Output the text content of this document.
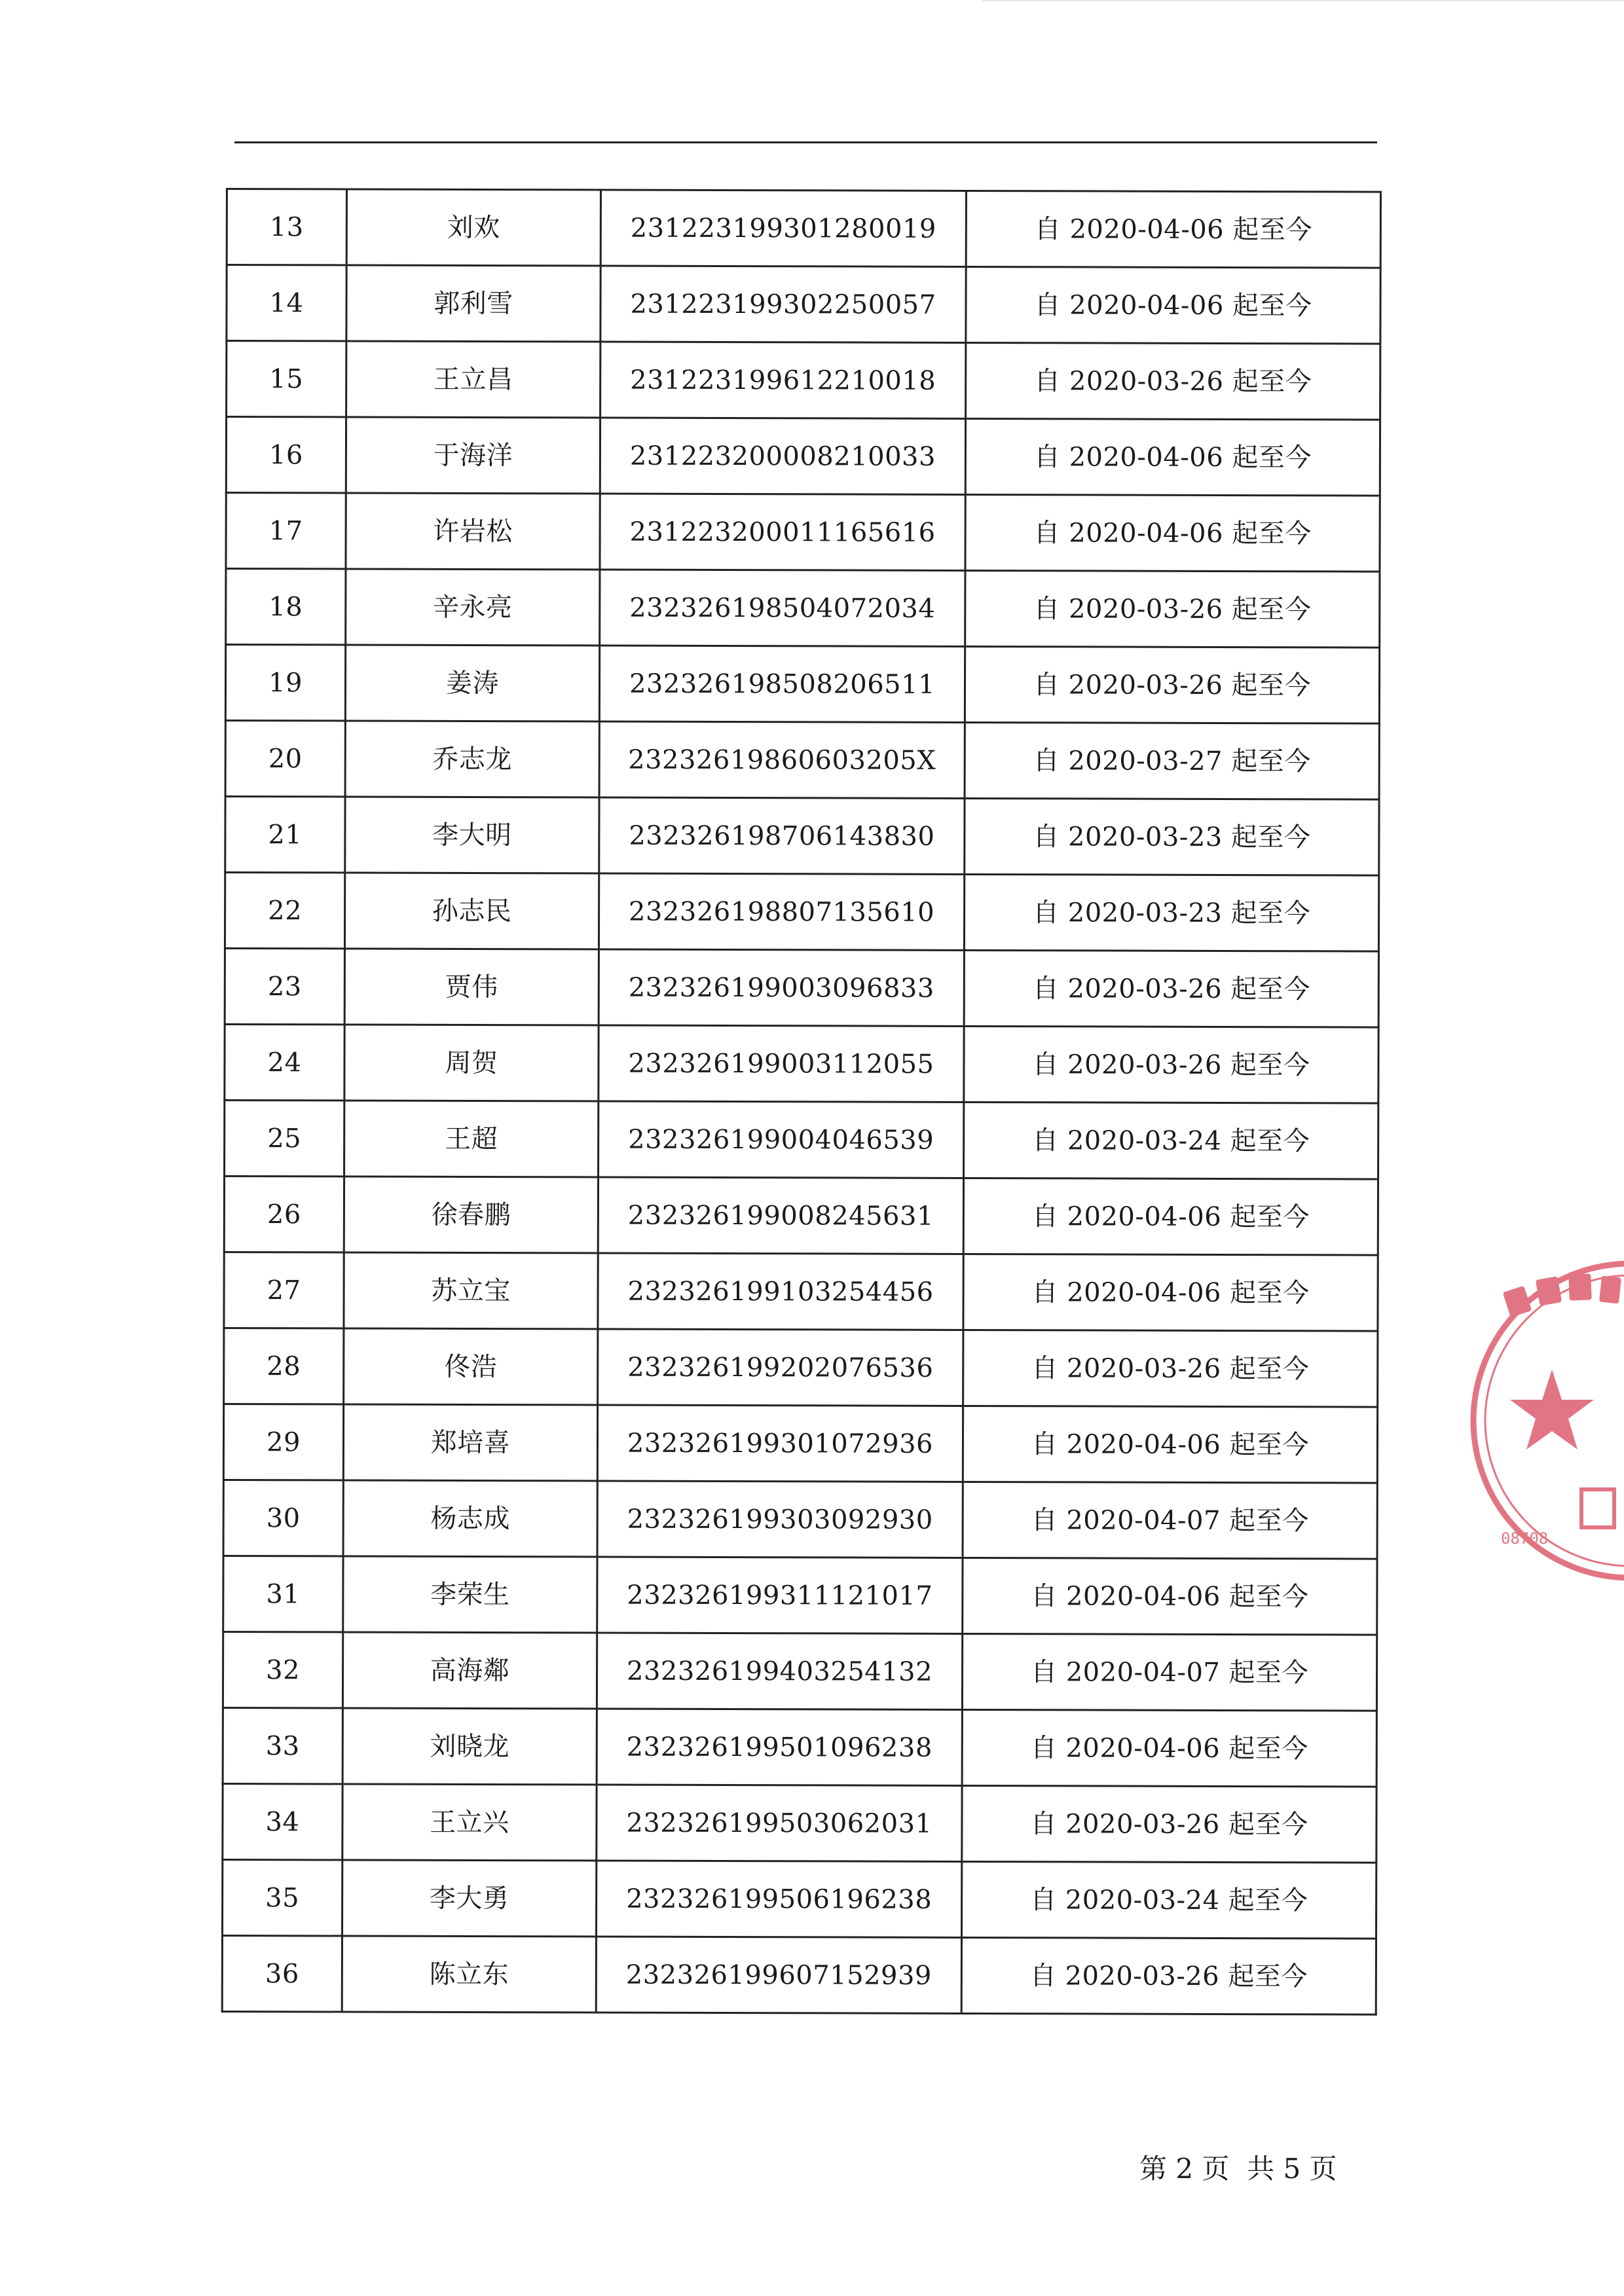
13	刘欢	231223199301280019	自 2020-04-06 起至今
14	郭利雪	231223199302250057	自 2020-04-06 起至今
15	王立昌	231223199612210018	自 2020-03-26 起至今
16	于海洋	231223200008210033	自 2020-04-06 起至今
17	许岩松	231223200011165616	自 2020-04-06 起至今
18	辛永亮	232326198504072034	自 2020-03-26 起至今
19	姜涛	232326198508206511	自 2020-03-26 起至今
20	乔志龙	23232619860603205X	自 2020-03-27 起至今
21	李大明	232326198706143830	自 2020-03-23 起至今
22	孙志民	232326198807135610	自 2020-03-23 起至今
23	贾伟	232326199003096833	自 2020-03-26 起至今
24	周贺	232326199003112055	自 2020-03-26 起至今
25	王超	232326199004046539	自 2020-03-24 起至今
26	徐春鹏	232326199008245631	自 2020-04-06 起至今
27	苏立宝	232326199103254456	自 2020-04-06 起至今
28	佟浩	232326199202076536	自 2020-03-26 起至今
29	郑培喜	232326199301072936	自 2020-04-06 起至今
30	杨志成	232326199303092930	自 2020-04-07 起至今
31	李荣生	232326199311121017	自 2020-04-06 起至今
32	高海鄰	232326199403254132	自 2020-04-07 起至今
33	刘晓龙	232326199501096238	自 2020-04-06 起至今
34	王立兴	232326199503062031	自 2020-03-26 起至今
35	李大勇	232326199506196238	自 2020-03-24 起至今
36	陈立东	232326199607152939	自 2020-03-26 起至今
08708
第 2 页  共 5 页
